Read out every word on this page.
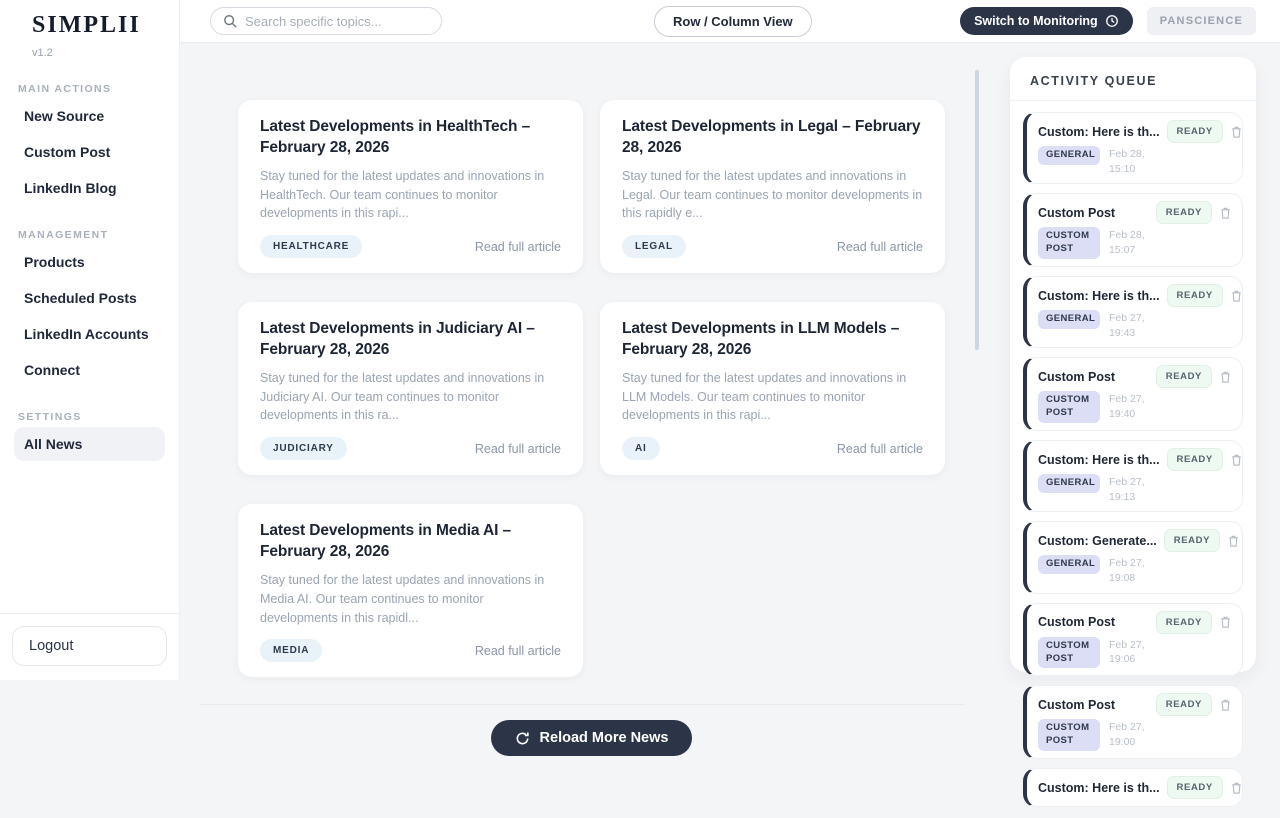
SIMPLII
v1.2
MAIN ACTIONS
New Source
Custom Post
LinkedIn Blog
MANAGEMENT
Products
Scheduled Posts
LinkedIn Accounts
Connect
SETTINGS
All News
Logout
Search specific topics...
Row / Column View	Switch to Monitoring	PANSCIENCE
Latest Developments in HealthTech – February 28, 2026

Stay tuned for the latest updates and innovations in HealthTech. Our team continues to monitor developments in this rapi...

HEALTHCARE	Read full article
Latest Developments in Legal – February 28, 2026

Stay tuned for the latest updates and innovations in Legal. Our team continues to monitor developments in this rapidly e...

LEGAL	Read full article
Latest Developments in Judiciary AI – February 28, 2026

Stay tuned for the latest updates and innovations in Judiciary AI. Our team continues to monitor developments in this ra...

JUDICIARY	Read full article
Latest Developments in LLM Models – February 28, 2026

Stay tuned for the latest updates and innovations in LLM Models. Our team continues to monitor developments in this rapi...

AI	Read full article
Latest Developments in Media AI – February 28, 2026

Stay tuned for the latest updates and innovations in Media AI. Our team continues to monitor developments in this rapidl...

MEDIA	Read full article
Reload More News
ACTIVITY QUEUE
Custom: Here is th...	READY
GENERAL	Feb 28,
15:10
Custom Post	READY
CUSTOM POST
Feb 28,
15:07
Custom: Here is th...	READY
GENERAL	Feb 27,
19:43
Custom Post	READY
CUSTOM POST
Feb 27,
19:40
Custom: Here is th...	READY
GENERAL	Feb 27,
19:13
Custom: Generate...	READY
GENERAL	Feb 27,
19:08
Custom Post	READY
CUSTOM POST
Feb 27,
19:06
Custom Post	READY
CUSTOM POST
Feb 27,
19:00
Custom: Here is th...	READY
